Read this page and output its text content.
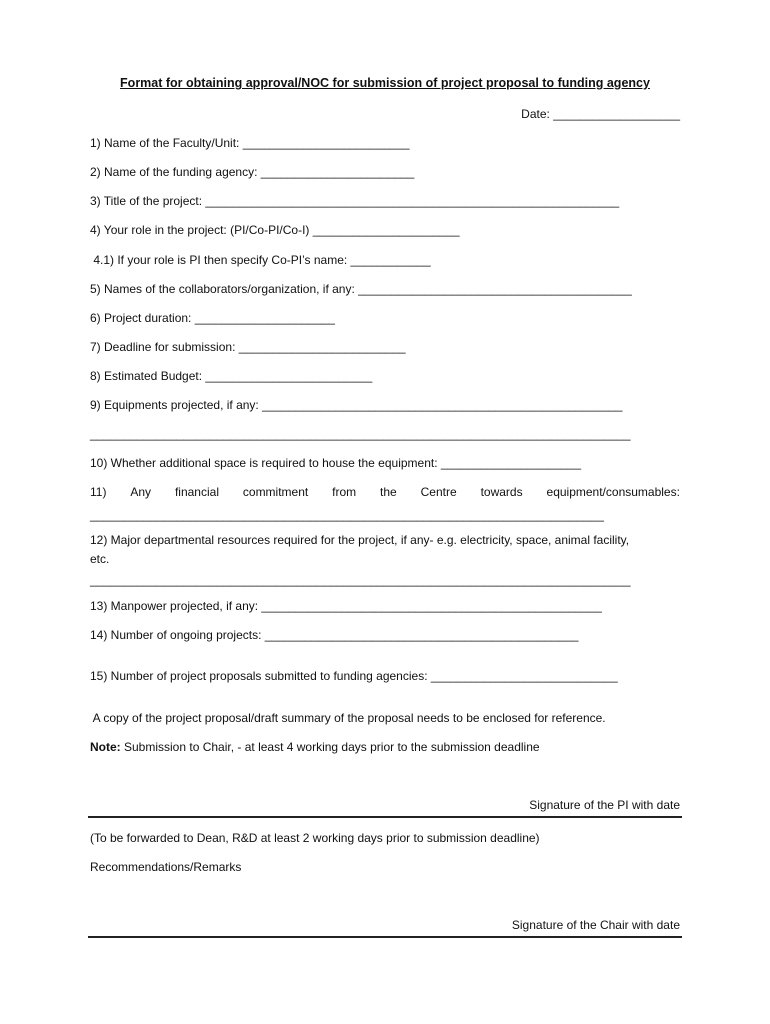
Format for obtaining approval/NOC for submission of project proposal to funding agency
Date: ___________________
1) Name of the Faculty/Unit: _________________________
2) Name of the funding agency: _______________________
3) Title of the project: ______________________________________________________________
4) Your role in the project: (PI/Co-PI/Co-I) ______________________
4.1) If your role is PI then specify Co-PI’s name: ____________
5) Names of the collaborators/organization, if any: _________________________________________
6) Project duration: _____________________
7) Deadline for submission: _________________________
8) Estimated Budget: _________________________
9) Equipments projected, if any: ______________________________________________________
_________________________________________________________________________________
10) Whether additional space is required to house the equipment: _____________________
11) Any financial commitment from the Centre towards equipment/consumables:
_____________________________________________________________________________
12) Major departmental resources required for the project, if any- e.g. electricity, space, animal facility,
etc.
_________________________________________________________________________________
13) Manpower projected, if any: ___________________________________________________
14) Number of ongoing projects: _______________________________________________
15) Number of project proposals submitted to funding agencies: ____________________________
A copy of the project proposal/draft summary of the proposal needs to be enclosed for reference.
Note: Submission to Chair, - at least 4 working days prior to the submission deadline
Signature of the PI with date
(To be forwarded to Dean, R&D at least 2 working days prior to submission deadline)
Recommendations/Remarks
Signature of the Chair with date
